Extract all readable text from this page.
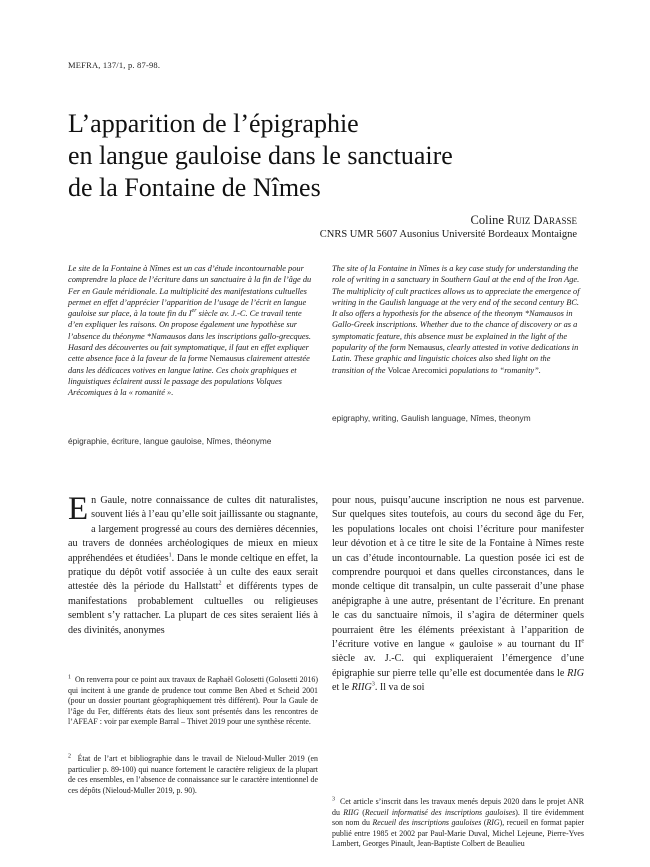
MEFRA, 137/1, p. 87-98.
L’apparition de l’épigraphie
en langue gauloise dans le sanctuaire
de la Fontaine de Nîmes
Coline Ruiz Darasse
CNRS UMR 5607 Ausonius Université Bordeaux Montaigne

Le site de la Fontaine à Nîmes est un cas d’étude incontournable pour comprendre la place de l’écriture dans un sanctuaire à la fin de l’âge du Fer en Gaule méridionale. La multiplicité des manifestations cultuelles permet en effet d’apprécier l’apparition de l’usage de l’écrit en langue gauloise sur place, à la toute fin du Ier siècle av. J.-C. Ce travail tente d’en expliquer les raisons. On propose également une hypothèse sur l’absence du théonyme *Namausos dans les inscriptions gallo-grecques. Hasard des découvertes ou fait symptomatique, il faut en effet expliquer cette absence face à la faveur de la forme Nemausus clairement attestée dans les dédicaces votives en langue latine. Ces choix graphiques et linguistiques éclairent aussi le passage des populations Volques Arécomiques à la « romanité ».

épigraphie, écriture, langue gauloise, Nîmes, théonyme

The site of la Fontaine in Nîmes is a key case study for understanding the role of writing in a sanctuary in Southern Gaul at the end of the Iron Age. The multiplicity of cult practices allows us to appreciate the emergence of writing in the Gaulish language at the very end of the second century BC. It also offers a hypothesis for the absence of the theonym *Namausos in Gallo-Greek inscriptions. Whether due to the chance of discovery or as a symptomatic feature, this absence must be explained in the light of the popularity of the form Nemausus, clearly attested in votive dedications in Latin. These graphic and linguistic choices also shed light on the transition of the Volcae Arecomici populations to “romanity”.

epigraphy, writing, Gaulish language, Nîmes, theonym

En Gaule, notre connaissance de cultes dit naturalistes, souvent liés à l’eau qu’elle soit jaillissante ou stagnante, a largement progressé au cours des dernières décennies, au travers de données archéologiques de mieux en mieux appréhendées et étudiées$^1$. Dans le monde celtique en effet, la pratique du dépôt votif associée à un culte des eaux serait attestée dès la période du Hallstatt$^2$ et différents types de manifestations probablement cultuelles ou religieuses semblent s’y rattacher. La plupart de ces sites seraient liés à des divinités, anonymes

pour nous, puisqu’aucune inscription ne nous est parvenue. Sur quelques sites toutefois, au cours du second âge du Fer, les populations locales ont choisi l’écriture pour manifester leur dévotion et à ce titre le site de la Fontaine à Nîmes reste un cas d’étude incontournable. La question posée ici est de comprendre pourquoi et dans quelles circonstances, dans le monde celtique dit transalpin, un culte passerait d’une phase anépigraphe à une autre, présentant de l’écriture. En prenant le cas du sanctuaire nîmois, il s’agira de déterminer quels pourraient être les éléments préexistant à l’apparition de l’écriture votive en langue « gauloise » au tournant du IIe siècle av. J.-C. qui expliqueraient l’émergence d’une épigraphie sur pierre telle qu’elle est documentée dans le RIG et le RIIG$^3$. Il va de soi

$^1$ On renverra pour ce point aux travaux de Raphaël Golosetti (Golosetti 2016) qui incitent à une grande de prudence tout comme Ben Abed et Scheid 2001 (pour un dossier pourtant géographiquement très différent). Pour la Gaule de l’âge du Fer, différents états des lieux sont présentés dans les rencontres de l’AFEAF : voir par exemple Barral – Thivet 2019 pour une synthèse récente.

$^2$ État de l’art et bibliographie dans le travail de Nieloud-Muller 2019 (en particulier p. 89-100) qui nuance fortement le caractère religieux de la plupart de ces ensembles, en l’absence de connaissance sur le caractère intentionnel de ces dépôts (Nieloud-Muller 2019, p. 90).

$^3$ Cet article s’inscrit dans les travaux menés depuis 2020 dans le projet ANR du RIIG (Recueil informatisé des inscriptions gauloises). Il tire évidemment son nom du Recueil des inscriptions gauloises (RIG), recueil en format papier publié entre 1985 et 2002 par Paul-Marie Duval, Michel Lejeune, Pierre-Yves Lambert, Georges Pinault, Jean-Baptiste Colbert de Beaulieu
